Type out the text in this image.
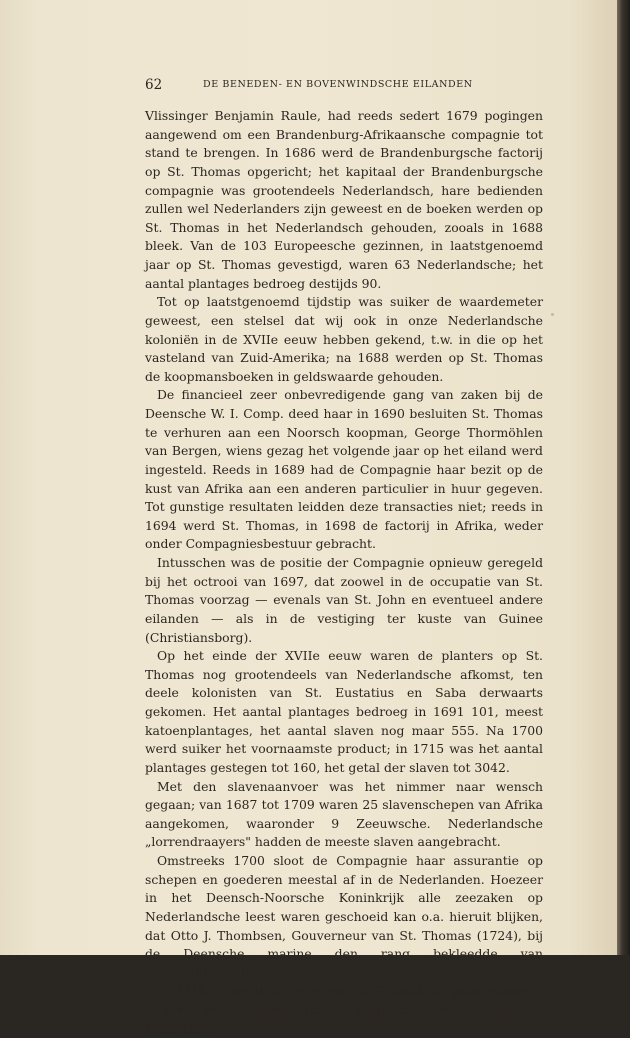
62	DE BENEDEN- EN BOVENWINDSCHE EILANDEN

Vlissinger Benjamin Raule, had reeds sedert 1679 pogingen aangewend om een Brandenburg-Afrikaansche compagnie tot stand te brengen. In 1686 werd de Brandenburgsche factorij op St. Thomas opgericht; het kapitaal der Brandenburgsche compagnie was grootendeels Nederlandsch, hare bedienden zullen wel Nederlanders zijn geweest en de boeken werden op St. Thomas in het Nederlandsch gehouden, zooals in 1688 bleek. Van de 103 Europeesche gezinnen, in laatstgenoemd jaar op St. Thomas gevestigd, waren 63 Nederlandsche; het aantal plantages bedroeg destijds 90.

Tot op laatstgenoemd tijdstip was suiker de waardemeter geweest, een stelsel dat wij ook in onze Nederlandsche koloniën in de XVIIe eeuw hebben gekend, t.w. in die op het vasteland van Zuid-Amerika; na 1688 werden op St. Thomas de koopmansboeken in geldswaarde gehouden.

De financieel zeer onbevredigende gang van zaken bij de Deensche W. I. Comp. deed haar in 1690 besluiten St. Thomas te verhuren aan een Noorsch koopman, George Thormöhlen van Bergen, wiens gezag het volgende jaar op het eiland werd ingesteld. Reeds in 1689 had de Compagnie haar bezit op de kust van Afrika aan een anderen particulier in huur gegeven. Tot gunstige resultaten leidden deze transacties niet; reeds in 1694 werd St. Thomas, in 1698 de factorij in Afrika, weder onder Compagniesbestuur gebracht.

Intusschen was de positie der Compagnie opnieuw geregeld bij het octrooi van 1697, dat zoowel in de occupatie van St. Thomas voorzag — evenals van St. John en eventueel andere eilanden — als in de vestiging ter kuste van Guinee (Christiansborg).

Op het einde der XVIIe eeuw waren de planters op St. Thomas nog grootendeels van Nederlandsche afkomst, ten deele kolonisten van St. Eustatius en Saba derwaarts gekomen. Het aantal plantages bedroeg in 1691 101, meest katoenplantages, het aantal slaven nog maar 555. Na 1700 werd suiker het voornaamste product; in 1715 was het aantal plantages gestegen tot 160, het getal der slaven tot 3042.

Met den slavenaanvoer was het nimmer naar wensch gegaan; van 1687 tot 1709 waren 25 slavenschepen van Afrika aangekomen, waaronder 9 Zeeuwsche. Nederlandsche „lorrendraayers" hadden de meeste slaven aangebracht.

Omstreeks 1700 sloot de Compagnie haar assurantie op schepen en goederen meestal af in de Nederlanden. Hoezeer in het Deensch-Noorsche Koninkrijk alle zeezaken op Nederlandsche leest waren geschoeid kan o.a. hieruit blijken, dat Otto J. Thombsen, Gouverneur van St. Thomas (1724), bij de Deensche marine den rang bekleedde van „Schoutbijnacht".

In 1716/17 werd St. John van St. Thomas uit gekoloniseerd; te voren was dit steeds door de Engelschen belet. De meeste kolonisten
